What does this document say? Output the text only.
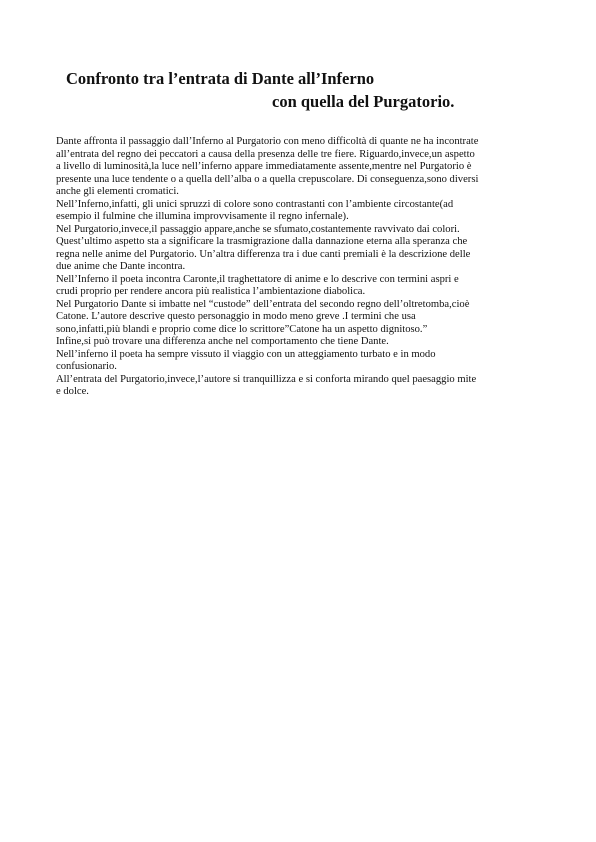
Confronto tra l’entrata di Dante all’Inferno
con quella del Purgatorio.
Dante affronta il passaggio dall’Inferno al Purgatorio con meno difficoltà di quante ne ha incontrate
all’entrata del regno dei peccatori a causa della presenza delle tre fiere. Riguardo,invece,un aspetto
a livello di luminosità,la luce nell’inferno appare immediatamente assente,mentre nel Purgatorio è
presente una luce tendente o a quella dell’alba o a quella crepuscolare. Di conseguenza,sono diversi
anche gli elementi cromatici.
Nell’Inferno,infatti, gli unici spruzzi di colore sono contrastanti con l’ambiente circostante(ad
esempio il fulmine che illumina improvvisamente il regno infernale).
Nel Purgatorio,invece,il passaggio appare,anche se sfumato,costantemente ravvivato dai colori.
Quest’ultimo aspetto sta a significare la trasmigrazione dalla dannazione eterna alla speranza che
regna nelle anime del Purgatorio. Un’altra differenza tra i due canti premiali è la descrizione delle
due anime che Dante incontra.
Nell’Inferno il poeta incontra Caronte,il traghettatore di anime e lo descrive con termini aspri e
crudi proprio per rendere ancora più realistica l’ambientazione diabolica.
Nel Purgatorio Dante si imbatte nel “custode” dell’entrata del secondo regno dell’oltretomba,cioè
Catone. L’autore descrive questo personaggio in modo meno greve .I termini che usa
sono,infatti,più blandi e proprio come dice lo scrittore”Catone ha un aspetto dignitoso.”
Infine,si può trovare una differenza anche nel comportamento che tiene Dante.
Nell’inferno il poeta ha sempre vissuto il viaggio con un atteggiamento turbato e in modo
confusionario.
All’entrata del Purgatorio,invece,l’autore si tranquillizza e si conforta mirando quel paesaggio mite
e dolce.
